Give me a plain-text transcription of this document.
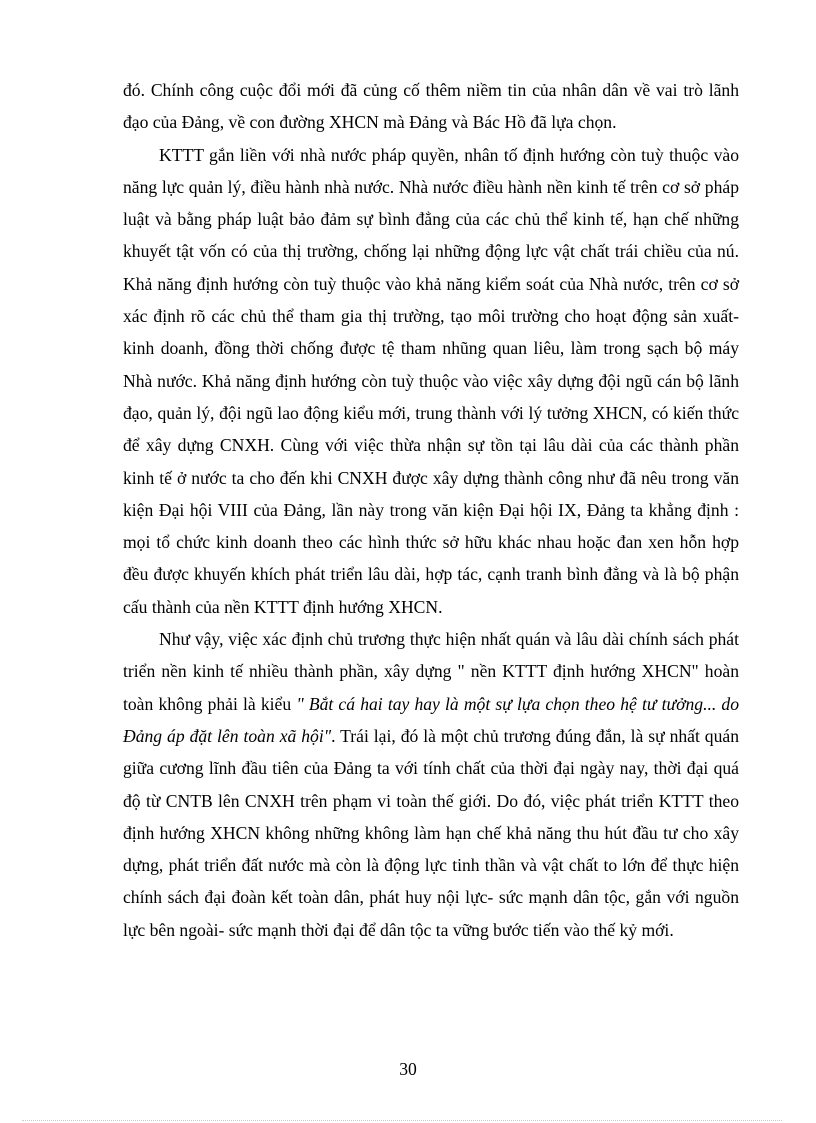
đó. Chính công cuộc đổi mới đã củng cố thêm niềm tin của nhân dân về vai trò lãnh đạo của Đảng, về con đường XHCN mà Đảng và Bác Hồ đã lựa chọn.

KTTT gắn liền với nhà nước pháp quyền, nhân tố định hướng còn tuỳ thuộc vào năng lực quản lý, điều hành nhà nước. Nhà nước điều hành nền kinh tế trên cơ sở pháp luật và bằng pháp luật bảo đảm sự bình đẳng của các chủ thể kinh tế, hạn chế những khuyết tật vốn có của thị trường, chống lại những động lực vật chất trái chiều của nú. Khả năng định hướng còn tuỳ thuộc vào khả năng kiểm soát của Nhà nước, trên cơ sở xác định rõ các chủ thể tham gia thị trường, tạo môi trường cho hoạt động sản xuất- kinh doanh, đồng thời chống được tệ tham nhũng quan liêu, làm trong sạch bộ máy Nhà nước. Khả năng định hướng còn tuỳ thuộc vào việc xây dựng đội ngũ cán bộ lãnh đạo, quản lý, đội ngũ lao động kiểu mới, trung thành với lý tưởng XHCN, có kiến thức để xây dựng CNXH. Cùng với việc thừa nhận sự tồn tại lâu dài của các thành phần kinh tế ở nước ta cho đến khi CNXH được xây dựng thành công như đã nêu trong văn kiện Đại hội VIII của Đảng, lần này trong văn kiện Đại hội IX, Đảng ta khẳng định : mọi tổ chức kinh doanh theo các hình thức sở hữu khác nhau hoặc đan xen hỗn hợp đều được khuyến khích phát triển lâu dài, hợp tác, cạnh tranh bình đẳng và là bộ phận cấu thành của nền KTTT định hướng XHCN.

Như vậy, việc xác định chủ trương thực hiện nhất quán và lâu dài chính sách phát triển nền kinh tế nhiều thành phần, xây dựng " nền KTTT định hướng XHCN" hoàn toàn không phải là kiểu " Bắt cá hai tay hay là một sự lựa chọn theo hệ tư tưởng... do Đảng áp đặt lên toàn xã hội". Trái lại, đó là một chủ trương đúng đắn, là sự nhất quán giữa cương lĩnh đầu tiên của Đảng ta với tính chất của thời đại ngày nay, thời đại quá độ từ CNTB lên CNXH trên phạm vi toàn thế giới. Do đó, việc phát triển KTTT theo định hướng XHCN không những không làm hạn chế khả năng thu hút đầu tư cho xây dựng, phát triển đất nước mà còn là động lực tinh thần và vật chất to lớn để thực hiện chính sách đại đoàn kết toàn dân, phát huy nội lực- sức mạnh dân tộc, gắn với nguồn lực bên ngoài- sức mạnh thời đại để dân tộc ta vững bước tiến vào thế kỷ mới.

30
